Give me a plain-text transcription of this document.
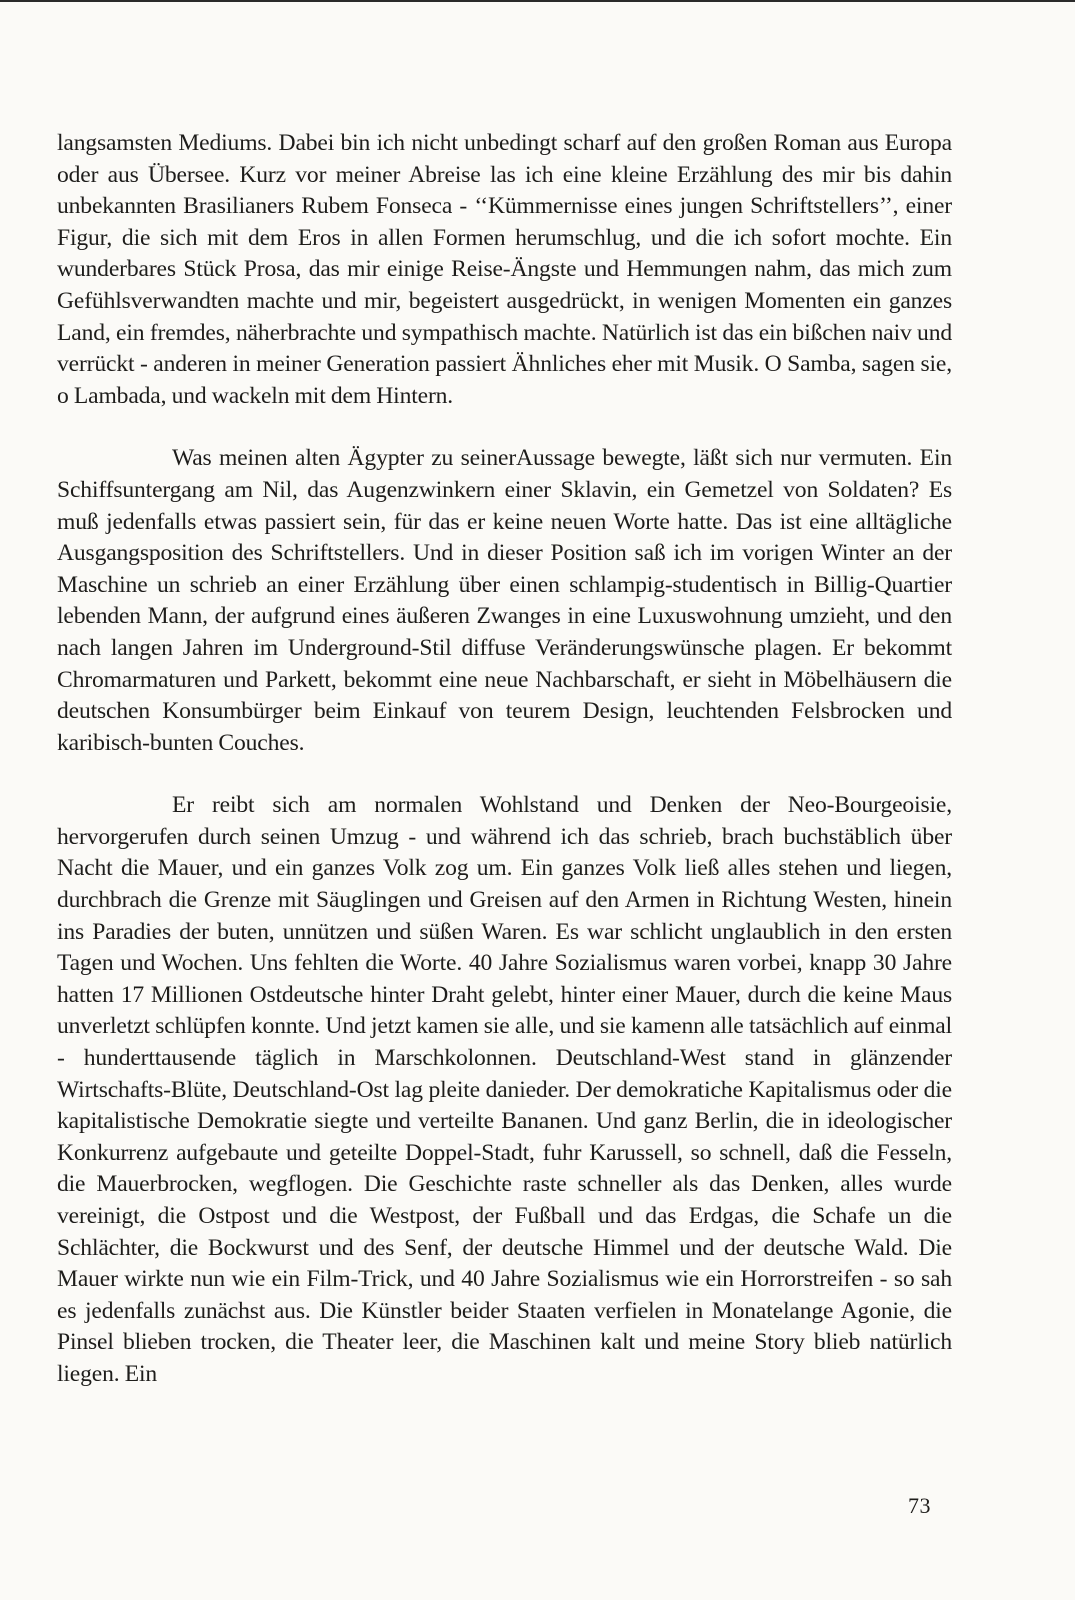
langsamsten Mediums. Dabei bin ich nicht unbedingt scharf auf den großen Roman aus Europa oder aus Übersee. Kurz vor meiner Abreise las ich eine kleine Erzählung des mir bis dahin unbekannten Brasilianers Rubem Fonseca - ‘‘Kümmernisse eines jungen Schriftstellers’’, einer Figur, die sich mit dem Eros in allen Formen herumschlug, und die ich sofort mochte. Ein wunderbares Stück Prosa, das mir einige Reise-Ängste und Hemmungen nahm, das mich zum Gefühlsverwandten machte und mir, begeistert ausgedrückt, in wenigen Momenten ein ganzes Land, ein fremdes, näherbrachte und sympathisch machte. Natürlich ist das ein bißchen naiv und verrückt - anderen in meiner Generation passiert Ähnliches eher mit Musik. O Samba, sagen sie, o Lambada, und wackeln mit dem Hintern.

Was meinen alten Ägypter zu seinerAussage bewegte, läßt sich nur vermuten. Ein Schiffsuntergang am Nil, das Augenzwinkern einer Sklavin, ein Gemetzel von Soldaten? Es muß jedenfalls etwas passiert sein, für das er keine neuen Worte hatte. Das ist eine alltägliche Ausgangsposition des Schriftstellers. Und in dieser Position saß ich im vorigen Winter an der Maschine un schrieb an einer Erzählung über einen schlampig-studentisch in Billig-Quartier lebenden Mann, der aufgrund eines äußeren Zwanges in eine Luxuswohnung umzieht, und den nach langen Jahren im Underground-Stil diffuse Veränderungswünsche plagen. Er bekommt Chromarmaturen und Parkett, bekommt eine neue Nachbarschaft, er sieht in Möbelhäusern die deutschen Konsumbürger beim Einkauf von teurem Design, leuchtenden Felsbrocken und karibisch-bunten Couches.

Er reibt sich am normalen Wohlstand und Denken der Neo-Bourgeoisie, hervorgerufen durch seinen Umzug - und während ich das schrieb, brach buchstäblich über Nacht die Mauer, und ein ganzes Volk zog um. Ein ganzes Volk ließ alles stehen und liegen, durchbrach die Grenze mit Säuglingen und Greisen auf den Armen in Richtung Westen, hinein ins Paradies der buten, unnützen und süßen Waren. Es war schlicht unglaublich in den ersten Tagen und Wochen. Uns fehlten die Worte. 40 Jahre Sozialismus waren vorbei, knapp 30 Jahre hatten 17 Millionen Ostdeutsche hinter Draht gelebt, hinter einer Mauer, durch die keine Maus unverletzt schlüpfen konnte. Und jetzt kamen sie alle, und sie kamenn alle tatsächlich auf einmal - hunderttausende täglich in Marschkolonnen. Deutschland-West stand in glänzender Wirtschafts-Blüte, Deutschland-Ost lag pleite danieder. Der demokratiche Kapitalismus oder die kapitalistische Demokratie siegte und verteilte Bananen. Und ganz Berlin, die in ideologischer Konkurrenz aufgebaute und geteilte Doppel-Stadt, fuhr Karussell, so schnell, daß die Fesseln, die Mauerbrocken, wegflogen. Die Geschichte raste schneller als das Denken, alles wurde vereinigt, die Ostpost und die Westpost, der Fußball und das Erdgas, die Schafe un die Schlächter, die Bockwurst und des Senf, der deutsche Himmel und der deutsche Wald. Die Mauer wirkte nun wie ein Film-Trick, und 40 Jahre Sozialismus wie ein Horrorstreifen - so sah es jedenfalls zunächst aus. Die Künstler beider Staaten verfielen in Monatelange Agonie, die Pinsel blieben trocken, die Theater leer, die Maschinen kalt und meine Story blieb natürlich liegen. Ein

73
